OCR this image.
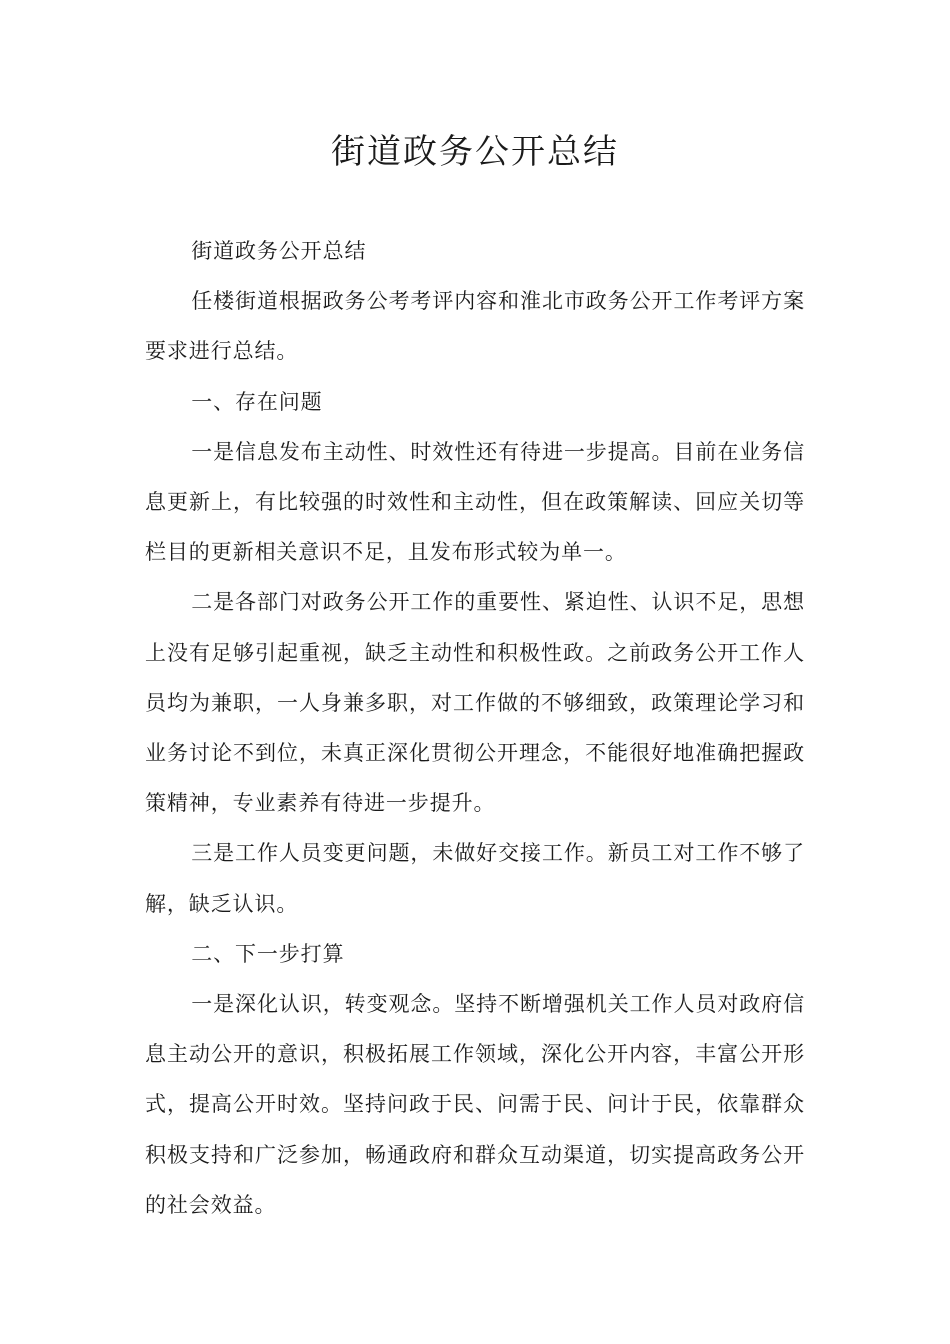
街道政务公开总结

街道政务公开总结

任楼街道根据政务公考考评内容和淮北市政务公开工作考评方案要求进行总结。

一、存在问题

一是信息发布主动性、时效性还有待进一步提高。目前在业务信息更新上，有比较强的时效性和主动性，但在政策解读、回应关切等栏目的更新相关意识不足，且发布形式较为单一。

二是各部门对政务公开工作的重要性、紧迫性、认识不足，思想上没有足够引起重视，缺乏主动性和积极性政。之前政务公开工作人员均为兼职，一人身兼多职，对工作做的不够细致，政策理论学习和业务讨论不到位，未真正深化贯彻公开理念，不能很好地准确把握政策精神，专业素养有待进一步提升。

三是工作人员变更问题，未做好交接工作。新员工对工作不够了解，缺乏认识。

二、下一步打算

一是深化认识，转变观念。坚持不断增强机关工作人员对政府信息主动公开的意识，积极拓展工作领域，深化公开内容，丰富公开形式，提高公开时效。坚持问政于民、问需于民、问计于民，依靠群众积极支持和广泛参加，畅通政府和群众互动渠道，切实提高政务公开的社会效益。
